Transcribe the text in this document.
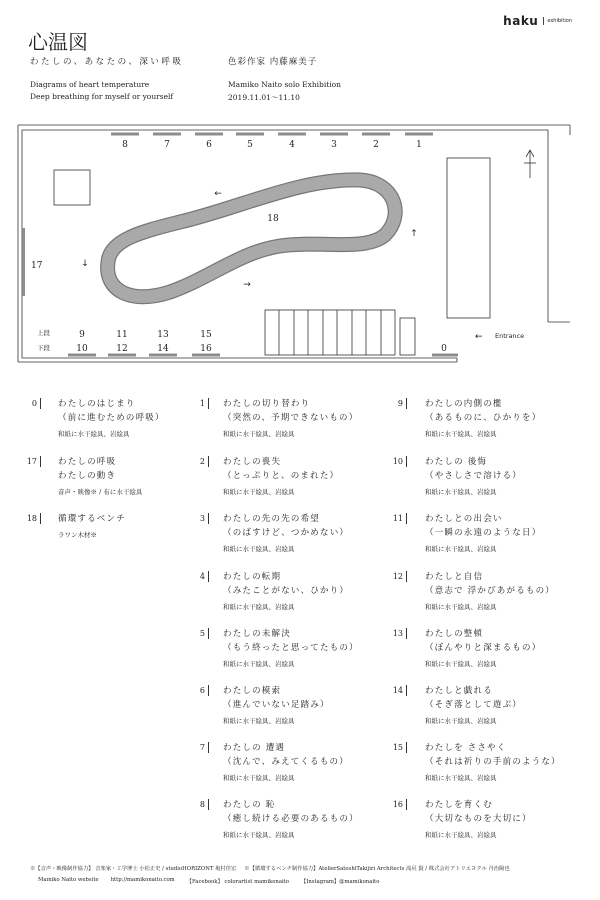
haku exhibition
心温図
わたしの、あなたの、深い呼吸	色彩作家 内藤麻美子
Diagrams of heart temperature
Deep breathing for myself or yourself
Mamiko Naito solo Exhibition
2019.11.01〜11.10
8	7	6	5	4	3	2	1
17
18
←
↓
→
↑
上段
下段
9	11	13	15
10	12	14	16	0
← Entrance
0	わたしのはじまり
（前に進むための呼吸）
和紙に水干絵具、岩絵具
17	わたしの呼吸
わたしの動き
音声・映像※ / 布に水干絵具
18	循環するベンチ
ラワン木材※
1	わたしの切り替わり
（突然の、予期できないもの）
和紙に水干絵具、岩絵具
2	わたしの喪失
（とっぷりと、のまれた）
和紙に水干絵具、岩絵具
3	わたしの先の先の希望
（のばすけど、つかめない）
和紙に水干絵具、岩絵具
4	わたしの転期
（みたことがない、ひかり）
和紙に水干絵具、岩絵具
5	わたしの未解決
（もう終ったと思ってたもの）
和紙に水干絵具、岩絵具
6	わたしの模索
（進んでいない足踏み）
和紙に水干絵具、岩絵具
7	わたしの 遭遇
（沈んで、みえてくるもの）
和紙に水干絵具、岩絵具
8	わたしの 恥
（癒し続ける必要のあるもの）
和紙に水干絵具、岩絵具
9	わたしの内側の檻
（あるものに、ひかりを）
和紙に水干絵具、岩絵具
10	わたしの 後悔
（やさしさで溶ける）
和紙に水干絵具、岩絵具
11	わたしとの出会い
（一瞬の永遠のような日）
和紙に水干絵具、岩絵具
12	わたしと自信
（意志で 浮かびあがるもの）
和紙に水干絵具、岩絵具
13	わたしの整頓
（ぼんやりと深まるもの）
和紙に水干絵具、岩絵具
14	わたしと戯れる
（そぎ落として遊ぶ）
和紙に水干絵具、岩絵具
15	わたしを ささやく
（それは祈りの手前のような）
和紙に水干絵具、岩絵具
16	わたしを育くむ
（大切なものを大切に）
和紙に水干絵具、岩絵具
※【音声・映像制作協力】 音楽家・工学博士 小松正史 / studioHORIZONT 亀村佳宏 ※【循環するベンチ制作協力】AtelierSatoshiTakijiri Architects 滝尻 賢 / 株式会社アトリエヨクル 丹治陽也
Mamiko Naito website http://mamikonaito.com 【Facebook】 colorartist mamikonaito 【Instagram】@mamikonaito
